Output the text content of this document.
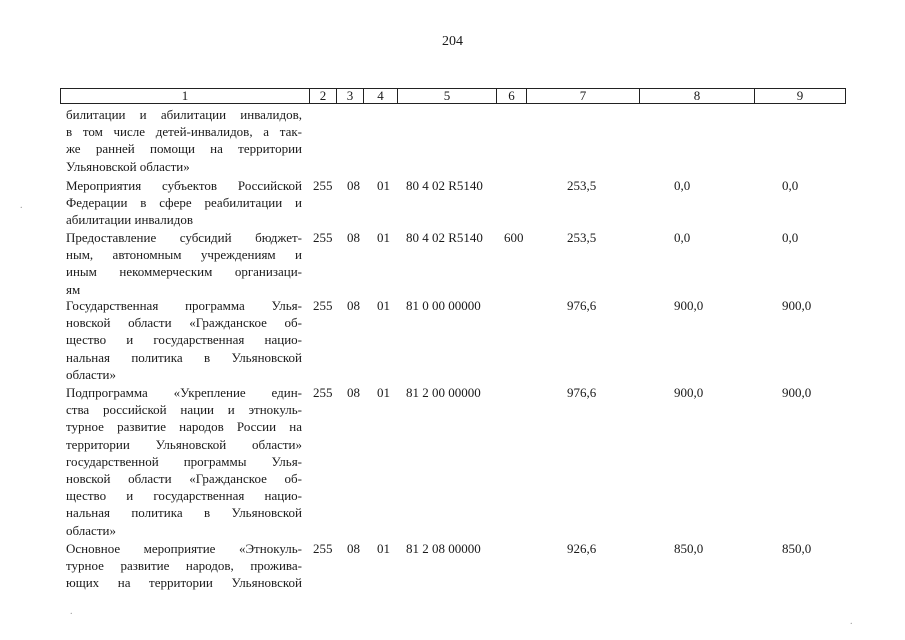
204
1	2	3	4	5	6	7	8	9
билитации и абилитации инвалидов,
в том числе детей-инвалидов, а так-
же ранней помощи на территории
Ульяновской области»
Мероприятия субъектов Российской
Федерации в сфере реабилитации и
абилитации инвалидов
255 08 01 80 4 02 R5140	253,5	0,0	0,0
Предоставление субсидий бюджет-
ным, автономным учреждениям и
иным некоммерческим организаци-
ям
255 08 01 80 4 02 R5140 600	253,5	0,0	0,0
Государственная программа Улья-
новской области «Гражданское об-
щество и государственная нацио-
нальная политика в Ульяновской
области»
255 08 01 81 0 00 00000	976,6	900,0	900,0
Подпрограмма «Укрепление един-
ства российской нации и этнокуль-
турное развитие народов России на
территории Ульяновской области»
государственной программы Улья-
новской области «Гражданское об-
щество и государственная нацио-
нальная политика в Ульяновской
области»
255 08 01 81 2 00 00000	976,6	900,0	900,0
Основное мероприятие «Этнокуль-
турное развитие народов, прожива-
ющих на территории Ульяновской
255 08 01 81 2 08 00000	926,6	850,0	850,0
.
.
.
